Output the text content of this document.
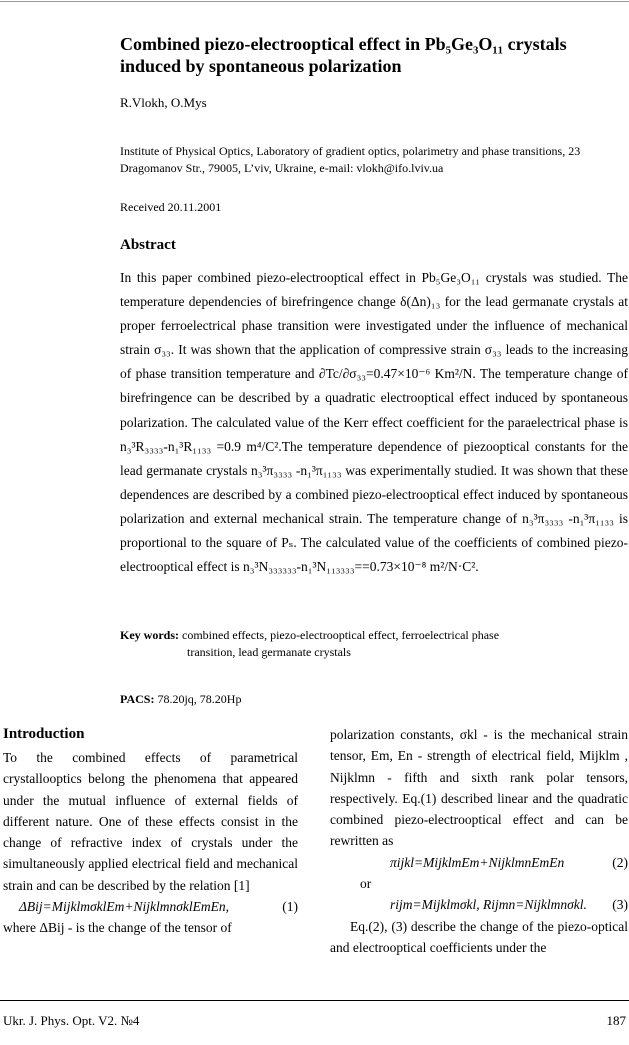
Combined piezo-electrooptical effect in Pb₅Ge₃O₁₁ crystals
induced by spontaneous polarization
R.Vlokh, O.Mys
Institute of Physical Optics, Laboratory of gradient optics, polarimetry and phase transitions, 23 Dragomanov Str., 79005, L’viv, Ukraine, e-mail: vlokh@ifo.lviv.ua
Received 20.11.2001
Abstract
In this paper combined piezo-electrooptical effect in Pb₅Ge₃O₁₁ crystals was studied. The temperature dependencies of birefringence change δ(Δn)₁₃ for the lead germanate crystals at proper ferroelectrical phase transition were investigated under the influence of mechanical strain σ₃₃. It was shown that the application of compressive strain σ₃₃ leads to the increasing of phase transition temperature and ∂Tc/∂σ₃₃=0.47×10⁻⁶ Km²/N. The temperature change of birefringence can be described by a quadratic electrooptical effect induced by spontaneous polarization. The calculated value of the Kerr effect coefficient for the paraelectrical phase is n₃³R₃₃₃₃-n₁³R₁₁₃₃ =0.9 m⁴/C².The temperature dependence of piezooptical constants for the lead germanate crystals n₃³π₃₃₃₃ -n₁³π₁₁₃₃ was experimentally studied. It was shown that these dependences are described by a combined piezo-electrooptical effect induced by spontaneous polarization and external mechanical strain. The temperature change of n₃³π₃₃₃₃ -n₁³π₁₁₃₃ is proportional to the square of Pₛ. The calculated value of the coefficients of combined piezo-electrooptical effect is n₃³N₃₃₃₃₃₃-n₁³N₁₁₃₃₃₃==0.73×10⁻⁸ m²/N·C².
Key words: combined effects, piezo-electrooptical effect, ferroelectrical phase
transition, lead germanate crystals
PACS: 78.20jq, 78.20Hp
Introduction

To the combined effects of parametrical crystallooptics belong the phenomena that appeared under the mutual influence of external fields of different nature. One of these effects consist in the change of refractive index of crystals under the simultaneously applied electrical field and mechanical strain and can be described by the relation [1]

ΔBij=MijklmσklEm+NijklmnσklEmEn,	(1)

where ΔBij - is the change of the tensor of

polarization constants, σkl - is the mechanical strain tensor, Em, En - strength of electrical field, Mijklm , Nijklmn - fifth and sixth rank polar tensors, respectively. Eq.(1) described linear and the quadratic combined piezo-electrooptical effect and can be rewritten as

πijkl=MijklmEm+NijklmnEmEn	(2)
or
rijm=Mijklmσkl, Rijmn=Nijklmnσkl. (3)

Eq.(2), (3) describe the change of the piezo-optical and electrooptical coefficients under the

Ukr. J. Phys. Opt. V2. №4	187
